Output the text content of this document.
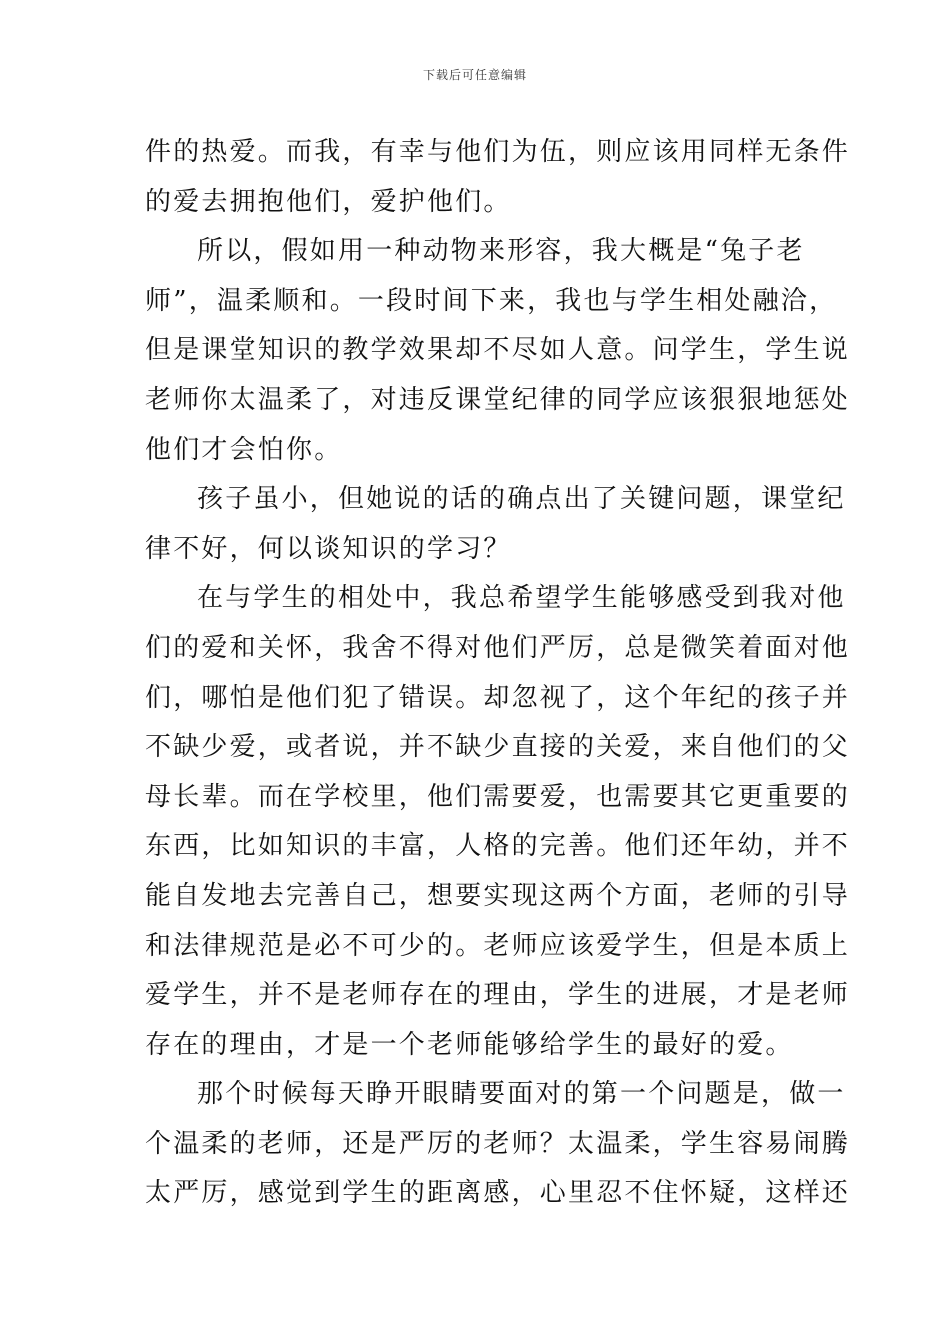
下载后可任意编辑
件的热爱。而我，有幸与他们为伍，则应该用同样无条件
的爱去拥抱他们，爱护他们。
所以，假如用一种动物来形容，我大概是“兔子老
师”，温柔顺和。一段时间下来，我也与学生相处融洽，
但是课堂知识的教学效果却不尽如人意。问学生，学生说
老师你太温柔了，对违反课堂纪律的同学应该狠狠地惩处
他们才会怕你。
孩子虽小，但她说的话的确点出了关键问题，课堂纪
律不好，何以谈知识的学习？
在与学生的相处中，我总希望学生能够感受到我对他
们的爱和关怀，我舍不得对他们严厉，总是微笑着面对他
们，哪怕是他们犯了错误。却忽视了，这个年纪的孩子并
不缺少爱，或者说，并不缺少直接的关爱，来自他们的父
母长辈。而在学校里，他们需要爱，也需要其它更重要的
东西，比如知识的丰富，人格的完善。他们还年幼，并不
能自发地去完善自己，想要实现这两个方面，老师的引导
和法律规范是必不可少的。老师应该爱学生，但是本质上
爱学生，并不是老师存在的理由，学生的进展，才是老师
存在的理由，才是一个老师能够给学生的最好的爱。
那个时候每天睁开眼睛要面对的第一个问题是，做一
个温柔的老师，还是严厉的老师？太温柔，学生容易闹腾
太严厉，感觉到学生的距离感，心里忍不住怀疑，这样还
